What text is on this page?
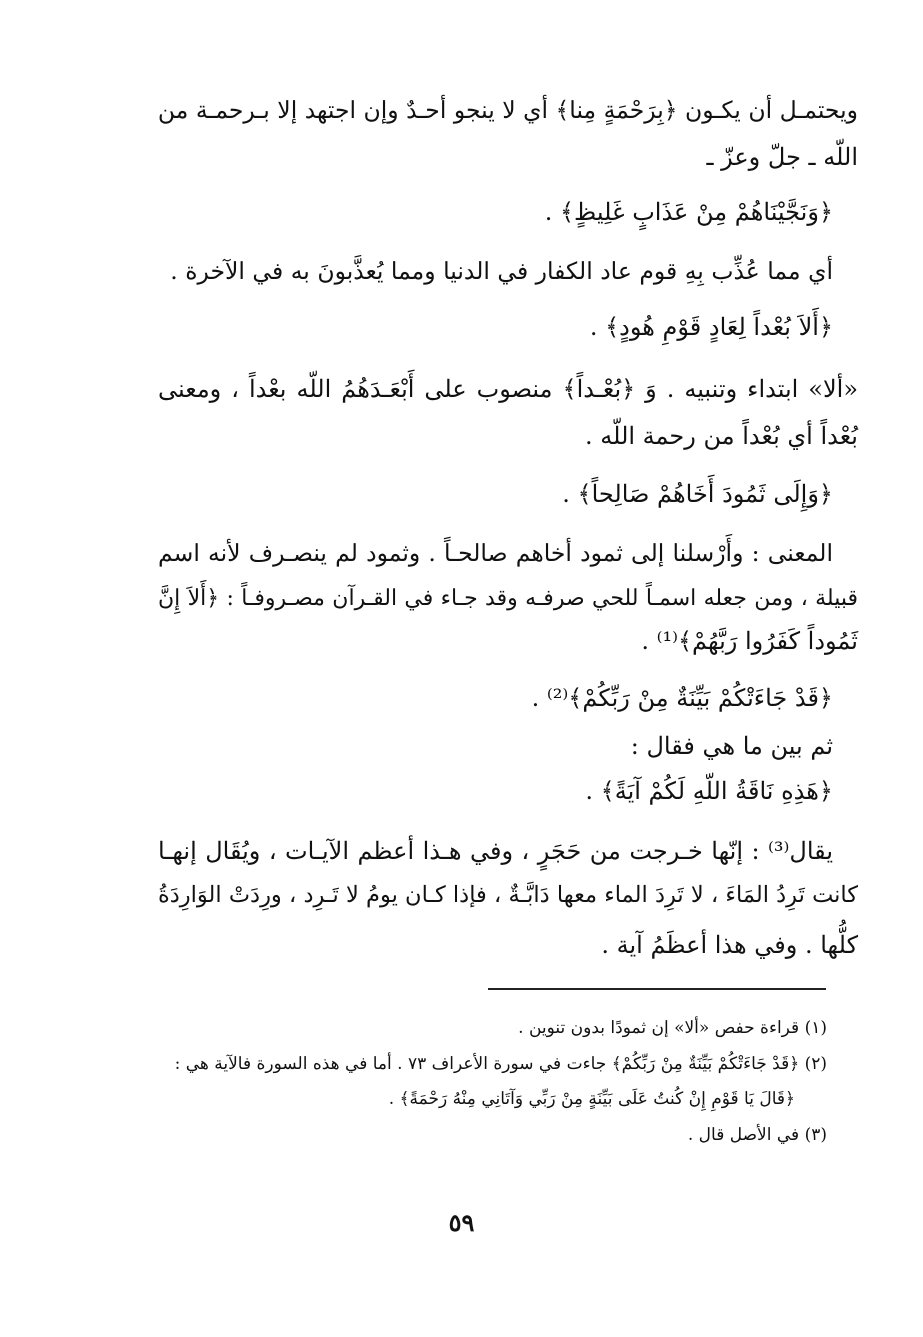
ويحتمـل أن يكـون ﴿بِرَحْمَةٍ مِنا﴾ أي لا ينجو أحـدٌ وإن اجتهد إلا بـرحمـة من
اللّه ـ جلّ وعزّ ـ
﴿وَنَجَّيْنَاهُمْ مِنْ عَذَابٍ غَلِيظٍ﴾ .
أي مما عُذِّب بِهِ قوم عاد الكفار في الدنيا ومما يُعذَّبونَ به في الآخرة .
﴿أَلاَ بُعْداً لِعَادٍ قَوْمِ هُودٍ﴾ .
«ألا» ابتداء وتنبيه . وَ ﴿بُعْـداً﴾ منصوب على أَبْعَـدَهُمُ اللّه بعْداً ، ومعنى
بُعْداً أي بُعْداً من رحمة اللّه .
﴿وَإِلَى ثَمُودَ أَخَاهُمْ صَالِحاً﴾ .
المعنى : وأَرْسلنا إلى ثمود أخاهم صالحـاً . وثمود لم ينصـرف لأنه اسم
قبيلة ، ومن جعله اسمـاً للحي صرفـه وقد جـاء في القـرآن مصـروفـاً : ﴿أَلاَ إِنَّ
ثَمُوداً كَفَرُوا رَبَّهُمْ﴾⁽¹⁾ .
﴿قَدْ جَاءَتْكُمْ بَيِّنَةٌ مِنْ رَبِّكُمْ﴾⁽²⁾ .
ثم بين ما هي فقال :
﴿هَذِهِ نَاقَةُ اللّهِ لَكُمْ آيَةً﴾ .
يقال⁽³⁾ : إنّها خـرجت من حَجَرٍ ، وفي هـذا أعظم الآيـات ، ويُقَال إنهـا
كانت تَرِدُ المَاءَ ، لا تَرِدَ الماء معها دَابَّـةٌ ، فإذا كـان يومُ لا تَـرِد ، ورِدَتْ الوَارِدَةُ
كلُّها . وفي هذا أعظَمُ آية .
(١) قراءة حفص «ألا» إن ثمودًا بدون تنوين .
(٢) ﴿قَدْ جَاءَتْكُمْ بَيِّنَةٌ مِنْ رَبِّكُمْ﴾ جاءت في سورة الأعراف ٧٣ . أما في هذه السورة فالآية هي :
﴿قَالَ يَا قَوْمِ إِنْ كُنتُ عَلَى بَيِّنَةٍ مِنْ رَبِّي وَآتَانِي مِنْهُ رَحْمَةً﴾ .
(٣) في الأصل قال .
٥٩
